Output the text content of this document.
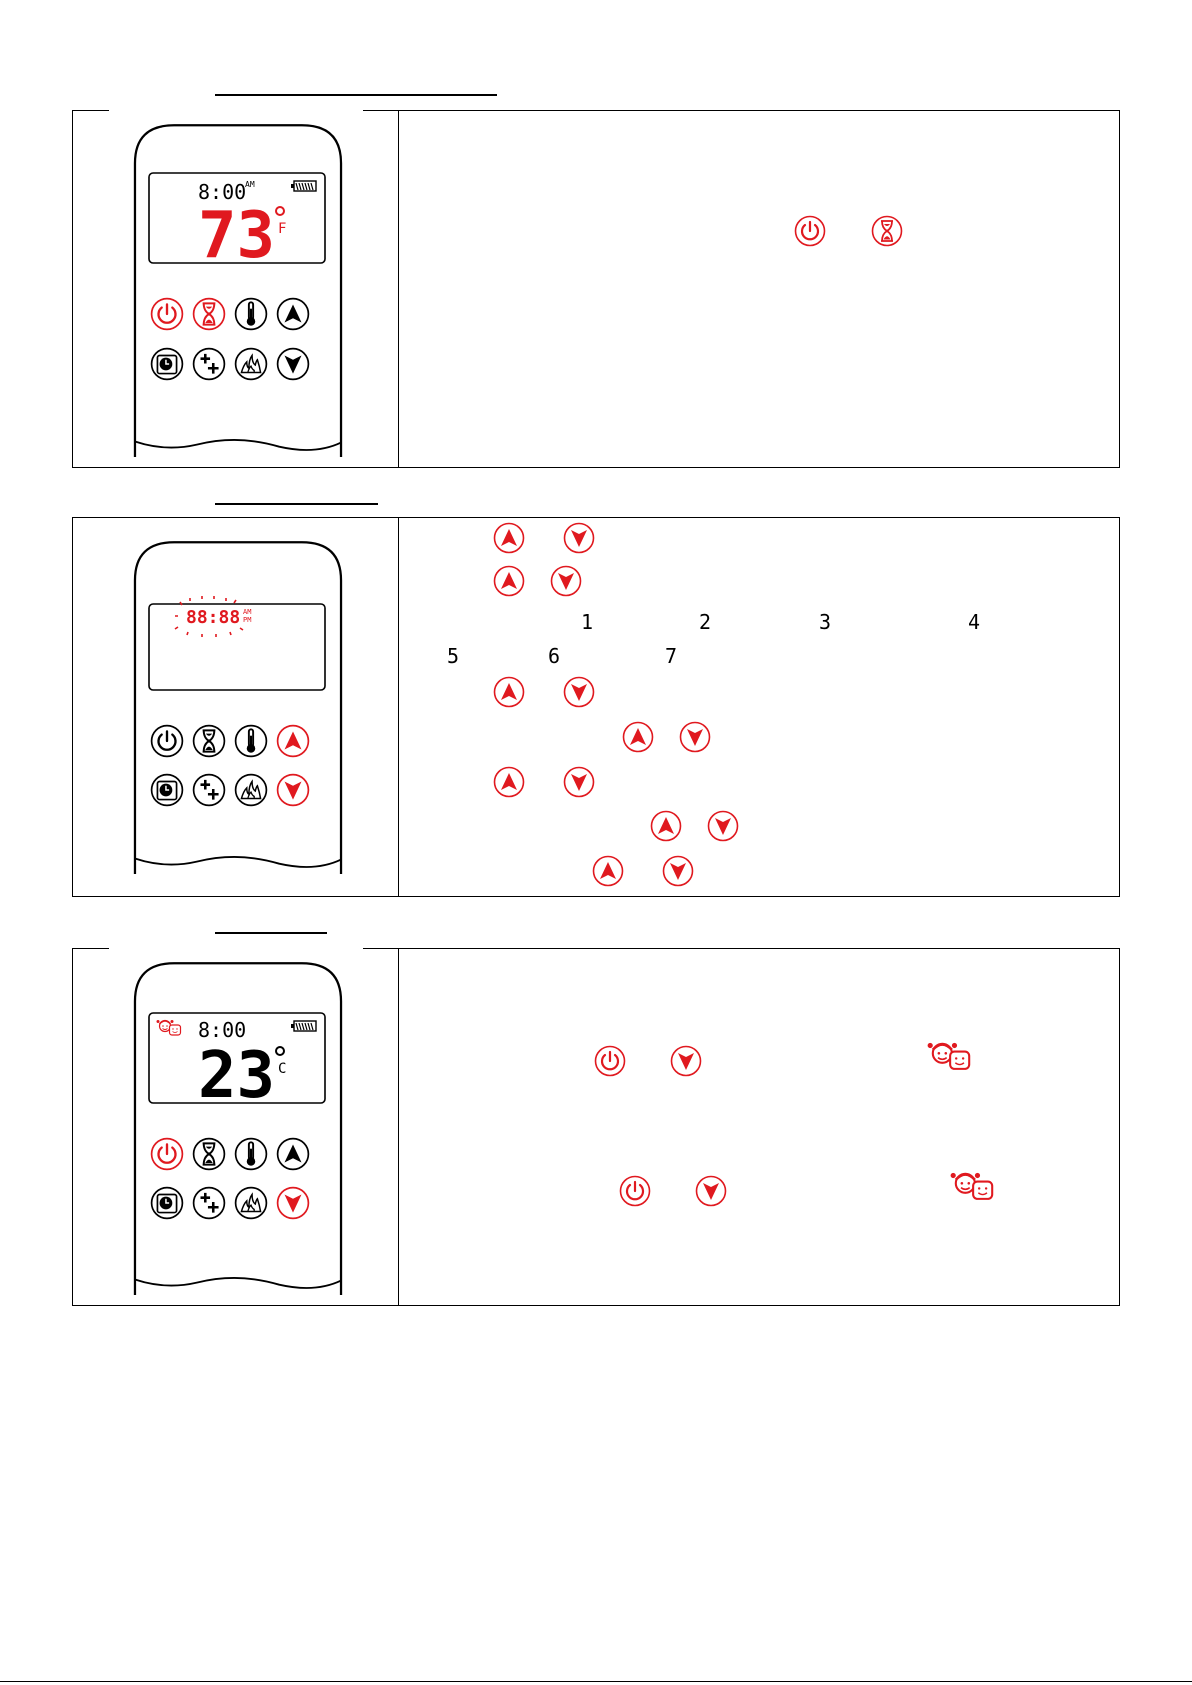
8:00
AM
73 F
88:88 AM
PM	1	2	3	4
5	6	7
8:00
23 C
